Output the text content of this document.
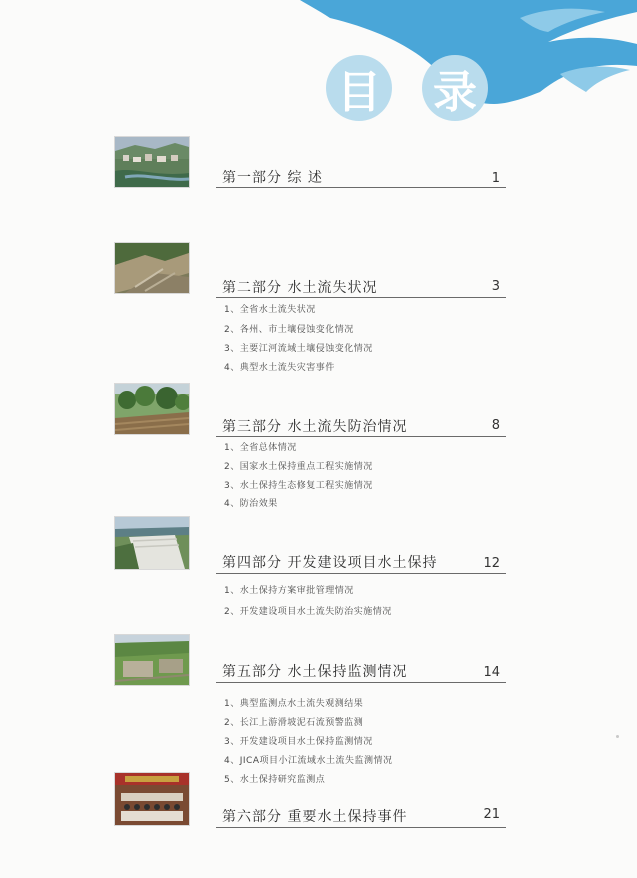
目 录
第一部分 综 述	1
第二部分 水土流失状况	3
1、全省水土流失状况
2、各州、市土壤侵蚀变化情况
3、主要江河流域土壤侵蚀变化情况
4、典型水土流失灾害事件
第三部分 水土流失防治情况	8
1、全省总体情况
2、国家水土保持重点工程实施情况
3、水土保持生态修复工程实施情况
4、防治效果
第四部分 开发建设项目水土保持	12
1、水土保持方案审批管理情况
2、开发建设项目水土流失防治实施情况
第五部分 水土保持监测情况	14
1、典型监测点水土流失观测结果
2、长江上游滑坡泥石流预警监测
3、开发建设项目水土保持监测情况
4、JICA项目小江流域水土流失监测情况
5、水土保持研究监测点
第六部分 重要水土保持事件	21
